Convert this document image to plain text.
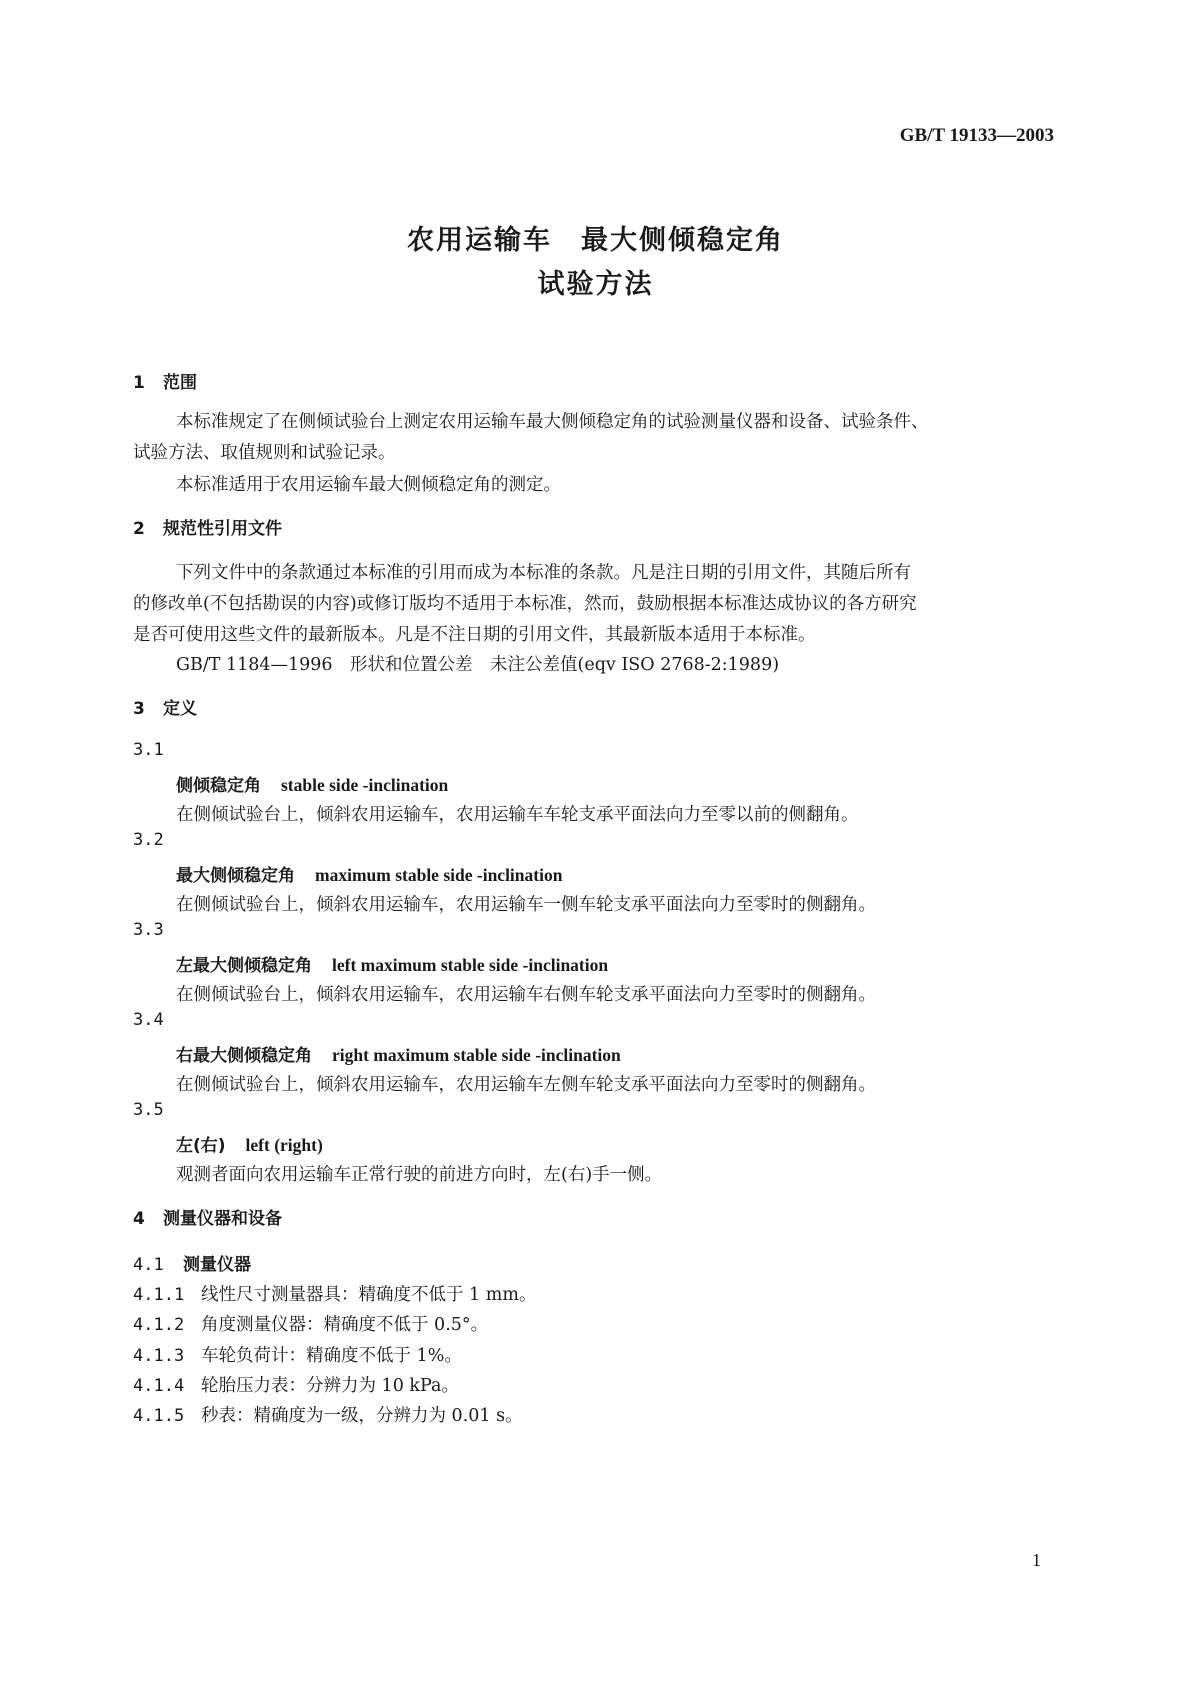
GB/T 19133—2003
农用运输车　最大侧倾稳定角
试验方法
1 范围
本标准规定了在侧倾试验台上测定农用运输车最大侧倾稳定角的试验测量仪器和设备、试验条件、
试验方法、取值规则和试验记录。
本标准适用于农用运输车最大侧倾稳定角的测定。
2 规范性引用文件
下列文件中的条款通过本标准的引用而成为本标准的条款。凡是注日期的引用文件，其随后所有
的修改单(不包括勘误的内容)或修订版均不适用于本标准，然而，鼓励根据本标准达成协议的各方研究
是否可使用这些文件的最新版本。凡是不注日期的引用文件，其最新版本适用于本标准。
GB/T 1184—1996　形状和位置公差　未注公差值(eqv ISO 2768-2:1989)
3 定义
3.1
侧倾稳定角 stable side -inclination
在侧倾试验台上，倾斜农用运输车，农用运输车车轮支承平面法向力至零以前的侧翻角。
3.2
最大侧倾稳定角 maximum stable side -inclination
在侧倾试验台上，倾斜农用运输车，农用运输车一侧车轮支承平面法向力至零时的侧翻角。
3.3
左最大侧倾稳定角 left maximum stable side -inclination
在侧倾试验台上，倾斜农用运输车，农用运输车右侧车轮支承平面法向力至零时的侧翻角。
3.4
右最大侧倾稳定角 right maximum stable side -inclination
在侧倾试验台上，倾斜农用运输车，农用运输车左侧车轮支承平面法向力至零时的侧翻角。
3.5
左(右) left (right)
观测者面向农用运输车正常行驶的前进方向时，左(右)手一侧。
4 测量仪器和设备
4.1 测量仪器
4.1.1 线性尺寸测量器具：精确度不低于 1 mm。
4.1.2 角度测量仪器：精确度不低于 0.5°。
4.1.3 车轮负荷计：精确度不低于 1%。
4.1.4 轮胎压力表：分辨力为 10 kPa。
4.1.5 秒表：精确度为一级，分辨力为 0.01 s。
1
